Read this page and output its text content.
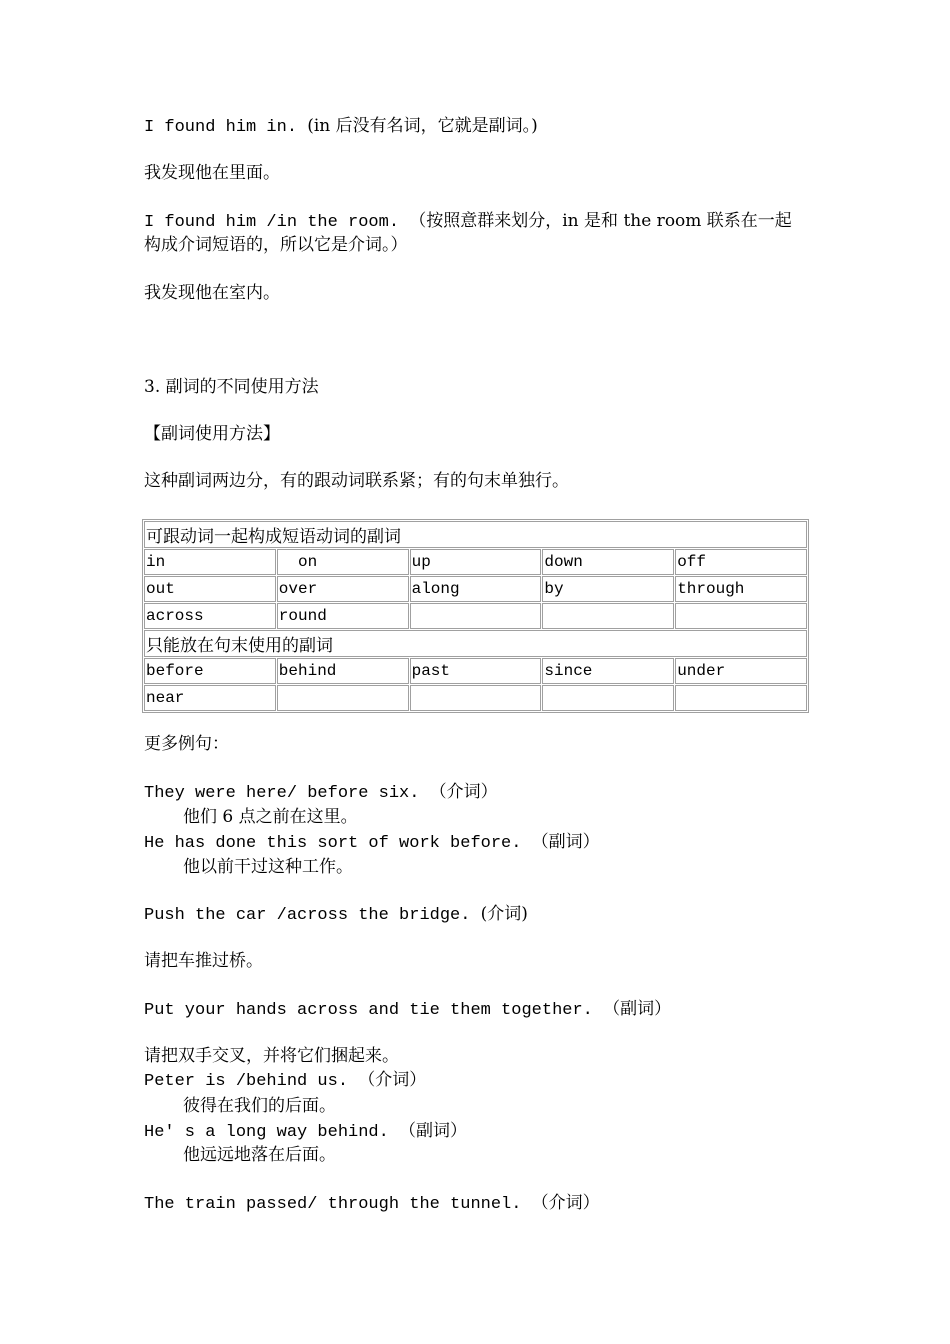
I found him in. (in 后没有名词，它就是副词。)
我发现他在里面。
I found him /in the room. （按照意群来划分，in 是和 the room 联系在一起
构成介词短语的，所以它是介词。）
我发现他在室内。
3. 副词的不同使用方法
【副词使用方法】
这种副词两边分，有的跟动词联系紧；有的句末单独行。
可跟动词一起构成短语动词的副词				
in	on	up	down	off
out	over	along	by	through
across	round			
只能放在句末使用的副词				
before	behind	past	since	under
near				
更多例句：
They were here/ before six. （介词）
他们 6 点之前在这里。
He has done this sort of work before. （副词）
他以前干过这种工作。
Push the car /across the bridge. (介词)
请把车推过桥。
Put your hands across and tie them together. （副词）
请把双手交叉，并将它们捆起来。
Peter is /behind us. （介词）
彼得在我们的后面。
He′ s a long way behind. （副词）
他远远地落在后面。
The train passed/ through the tunnel. （介词）
